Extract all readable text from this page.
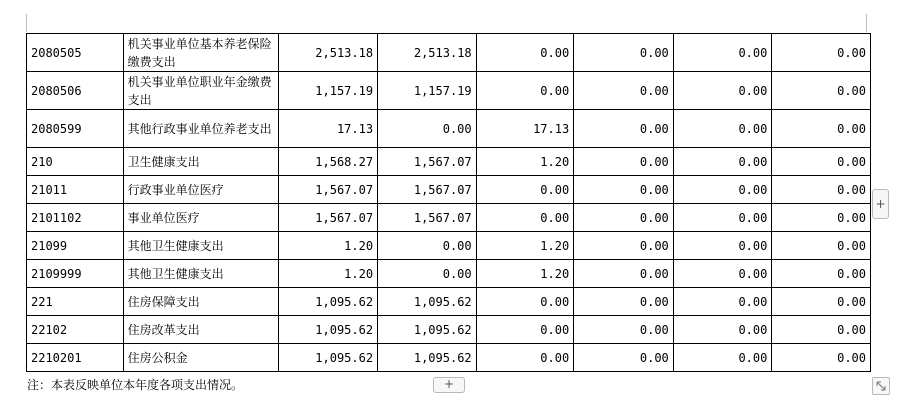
2080505	机关事业单位基本养老保险缴费支出	2,513.18	2,513.18	0.00	0.00	0.00	0.00
2080506	机关事业单位职业年金缴费支出	1,157.19	1,157.19	0.00	0.00	0.00	0.00
2080599	其他行政事业单位养老支出	17.13	0.00	17.13	0.00	0.00	0.00
210	卫生健康支出	1,568.27	1,567.07	1.20	0.00	0.00	0.00
21011	行政事业单位医疗	1,567.07	1,567.07	0.00	0.00	0.00	0.00
2101102	事业单位医疗	1,567.07	1,567.07	0.00	0.00	0.00	0.00
21099	其他卫生健康支出	1.20	0.00	1.20	0.00	0.00	0.00
2109999	其他卫生健康支出	1.20	0.00	1.20	0.00	0.00	0.00
221	住房保障支出	1,095.62	1,095.62	0.00	0.00	0.00	0.00
22102	住房改革支出	1,095.62	1,095.62	0.00	0.00	0.00	0.00
2210201	住房公积金	1,095.62	1,095.62	0.00	0.00	0.00	0.00
注：本表反映单位本年度各项支出情况。	+
+
